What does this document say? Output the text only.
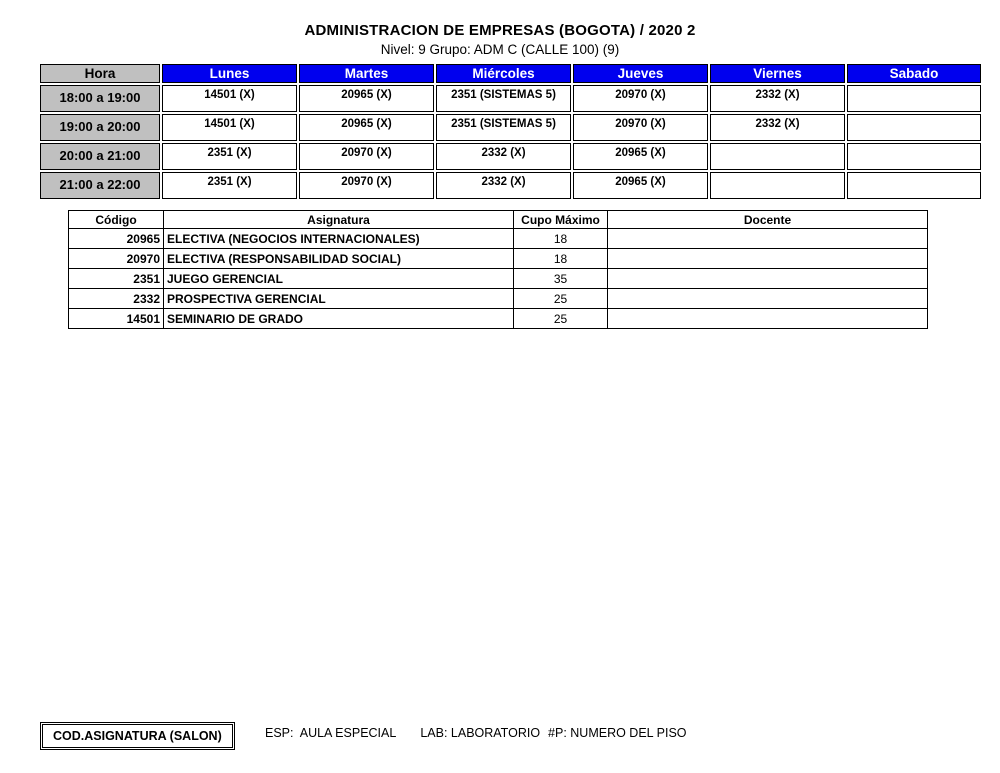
ADMINISTRACION DE EMPRESAS (BOGOTA) / 2020 2
Nivel: 9 Grupo: ADM C (CALLE 100) (9)
Hora	Lunes	Martes	Miércoles	Jueves	Viernes	Sabado
18:00 a 19:00	14501 (X)	20965 (X)	2351 (SISTEMAS 5)	20970 (X)	2332 (X)	
19:00 a 20:00	14501 (X)	20965 (X)	2351 (SISTEMAS 5)	20970 (X)	2332 (X)	
20:00 a 21:00	2351 (X)	20970 (X)	2332 (X)	20965 (X)		
21:00 a 22:00	2351 (X)	20970 (X)	2332 (X)	20965 (X)		
Código	Asignatura	Cupo Máximo	Docente
20965	ELECTIVA (NEGOCIOS INTERNACIONALES)	18	
20970	ELECTIVA (RESPONSABILIDAD SOCIAL)	18	
2351	JUEGO GERENCIAL	35	
2332	PROSPECTIVA GERENCIAL	25	
14501	SEMINARIO DE GRADO	25	
COD.ASIGNATURA (SALON)	ESP:  AULA ESPECIAL LAB: LABORATORIO #P: NUMERO DEL PISO
